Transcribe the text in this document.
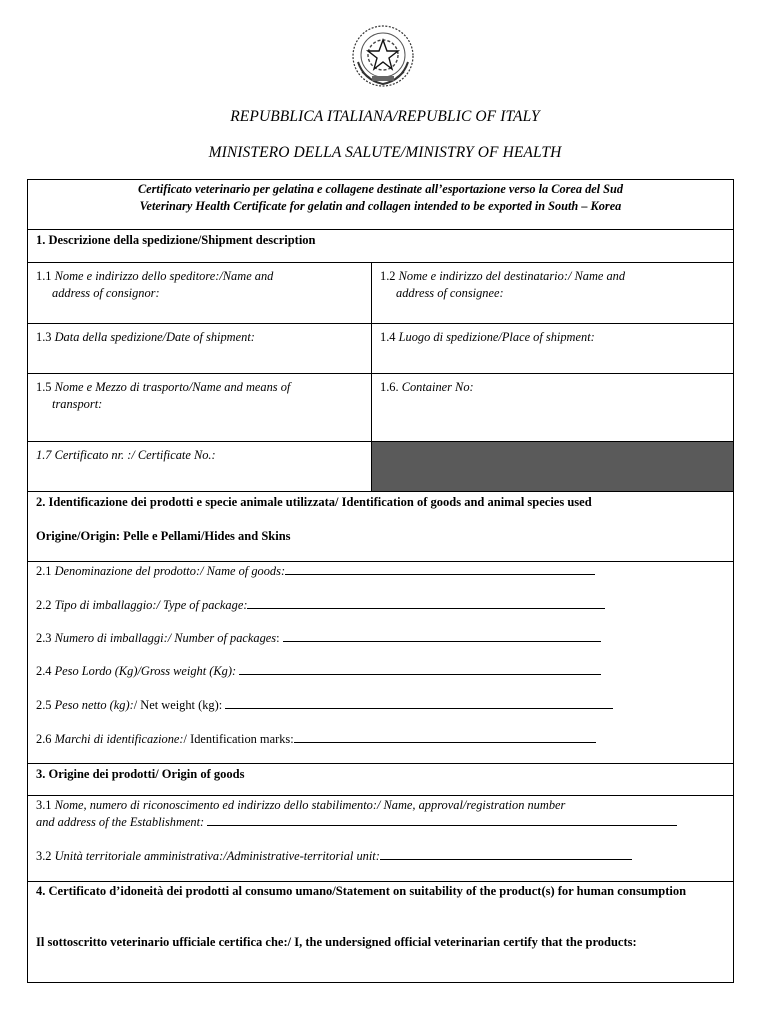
REPUBBLICA ITALIANA/REPUBLIC OF ITALY
MINISTERO DELLA SALUTE/MINISTRY OF HEALTH
Certificato veterinario per gelatina e collagene destinate all’esportazione verso la Corea del Sud
Veterinary Health Certificate for gelatin and collagen intended to be exported in South – Korea
1. Descrizione della spedizione/Shipment description
1.1 Nome e indirizzo dello speditore:/Name and
address of consignor:
1.2 Nome e indirizzo del destinatario:/ Name and
address of consignee:
1.3 Data della spedizione/Date of shipment:	1.4 Luogo di spedizione/Place of shipment:
1.5 Nome e Mezzo di trasporto/Name and means of
transport:
1.6. Container No:
1.7 Certificato nr. :/ Certificate No.:
2. Identificazione dei prodotti e specie animale utilizzata/ Identification of goods and animal species used
Origine/Origin: Pelle e Pellami/Hides and Skins
2.1 Denominazione del prodotto:/ Name of goods:
2.2 Tipo di imballaggio:/ Type of package:
2.3 Numero di imballaggi:/ Number of packages:
2.4 Peso Lordo (Kg)/Gross weight (Kg):
2.5 Peso netto (kg):/ Net weight (kg):
2.6 Marchi di identificazione:/ Identification marks:
3. Origine dei prodotti/ Origin of goods
3.1 Nome, numero di riconoscimento ed indirizzo dello stabilimento:/ Name, approval/registration number
and address of the Establishment:
3.2 Unità territoriale amministrativa:/Administrative-territorial unit:
4. Certificato d’idoneità dei prodotti al consumo umano/Statement on suitability of the product(s) for human consumption
Il sottoscritto veterinario ufficiale certifica che:/ I, the undersigned official veterinarian certify that the products:
